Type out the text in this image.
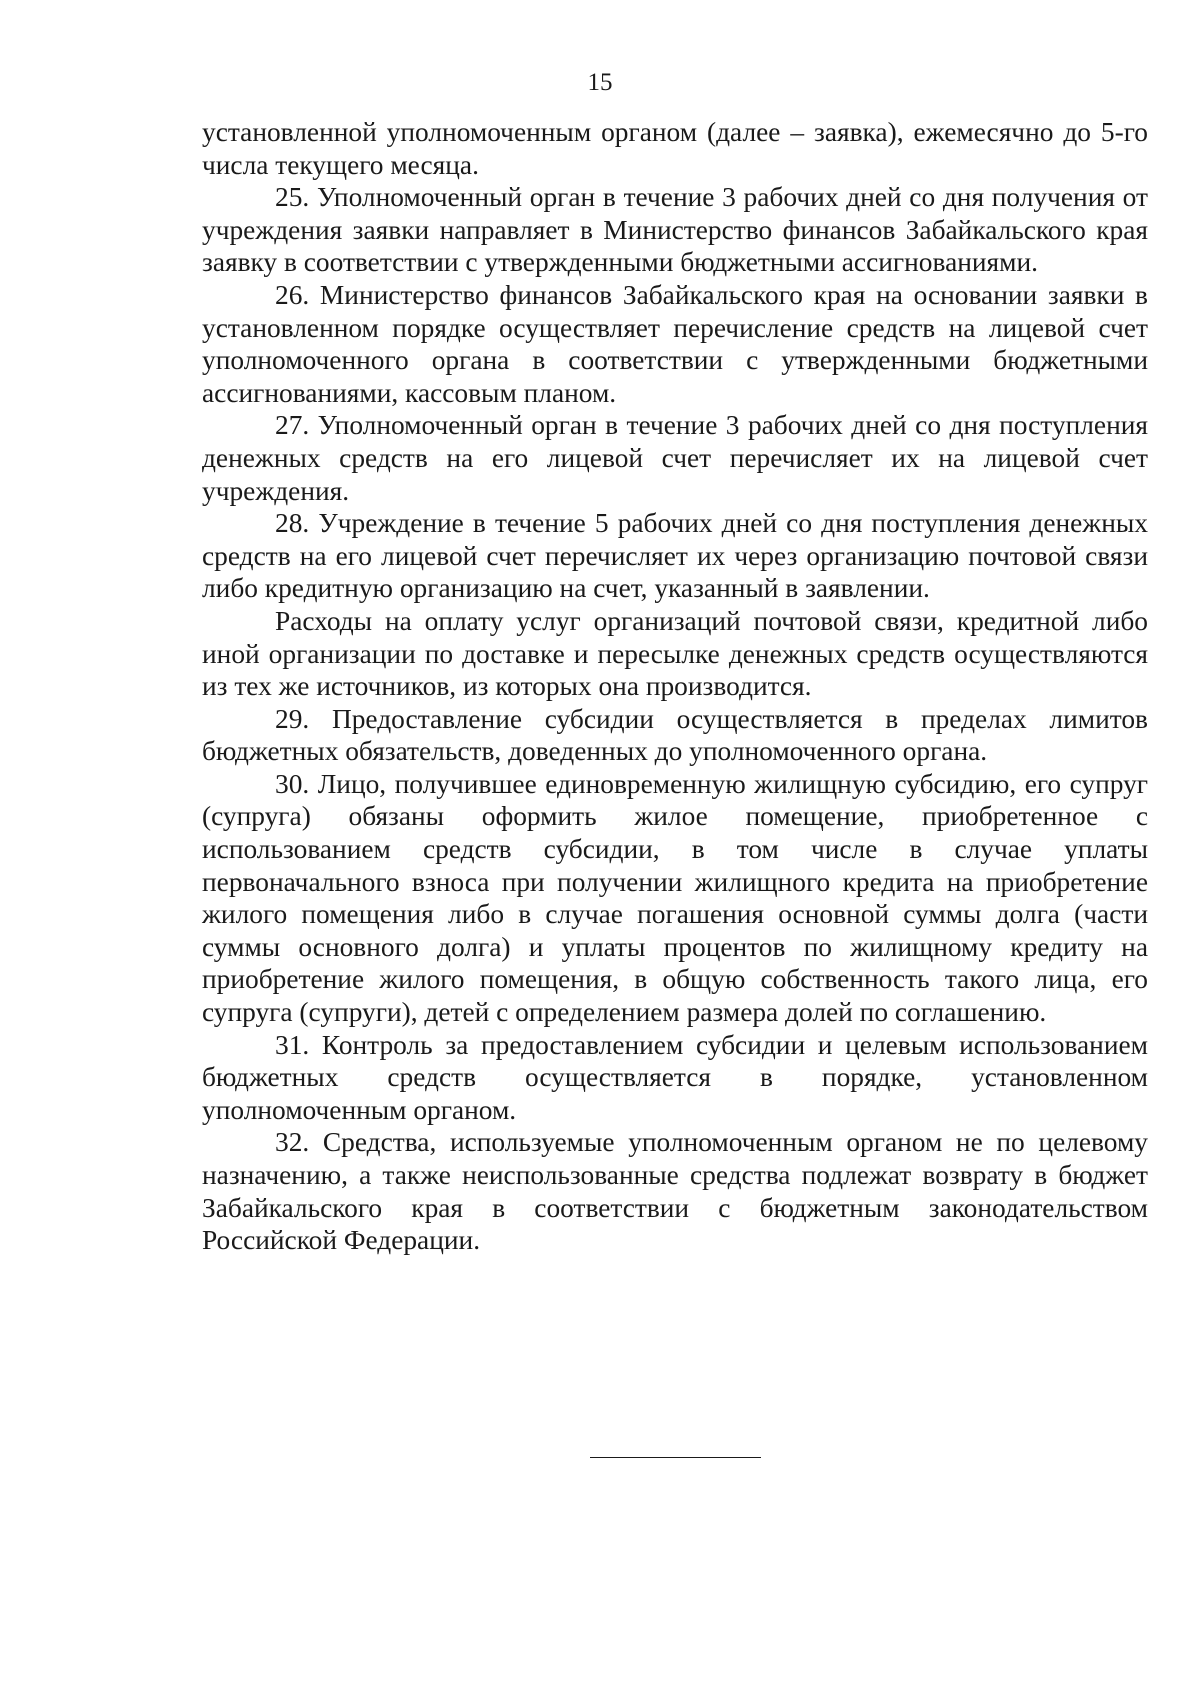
15

установленной уполномоченным органом (далее – заявка), ежемесячно до 5-го числа текущего месяца.

25. Уполномоченный орган в течение 3 рабочих дней со дня получения от учреждения заявки направляет в Министерство финансов Забайкальского края заявку в соответствии с утвержденными бюджетными ассигнованиями.

26. Министерство финансов Забайкальского края на основании заявки в установленном порядке осуществляет перечисление средств на лицевой счет уполномоченного органа в соответствии с утвержденными бюджетными ассигнованиями, кассовым планом.

27. Уполномоченный орган в течение 3 рабочих дней со дня поступления денежных средств на его лицевой счет перечисляет их на лицевой счет учреждения.

28. Учреждение в течение 5 рабочих дней со дня поступления денежных средств на его лицевой счет перечисляет их через организацию почтовой связи либо кредитную организацию на счет, указанный в заявлении.

Расходы на оплату услуг организаций почтовой связи, кредитной либо иной организации по доставке и пересылке денежных средств осуществляются из тех же источников, из которых она производится.

29. Предоставление субсидии осуществляется в пределах лимитов бюджетных обязательств, доведенных до уполномоченного органа.

30. Лицо, получившее единовременную жилищную субсидию, его супруг (супруга) обязаны оформить жилое помещение, приобретенное с использованием средств субсидии, в том числе в случае уплаты первоначального взноса при получении жилищного кредита на приобретение жилого помещения либо в случае погашения основной суммы долга (части суммы основного долга) и уплаты процентов по жилищному кредиту на приобретение жилого помещения, в общую собственность такого лица, его супруга (супруги), детей с определением размера долей по соглашению.

31. Контроль за предоставлением субсидии и целевым использованием бюджетных средств осуществляется в порядке, установленном уполномоченным органом.

32. Средства, используемые уполномоченным органом не по целевому назначению, а также неиспользованные средства подлежат возврату в бюджет Забайкальского края в соответствии с бюджетным законодательством Российской Федерации.
